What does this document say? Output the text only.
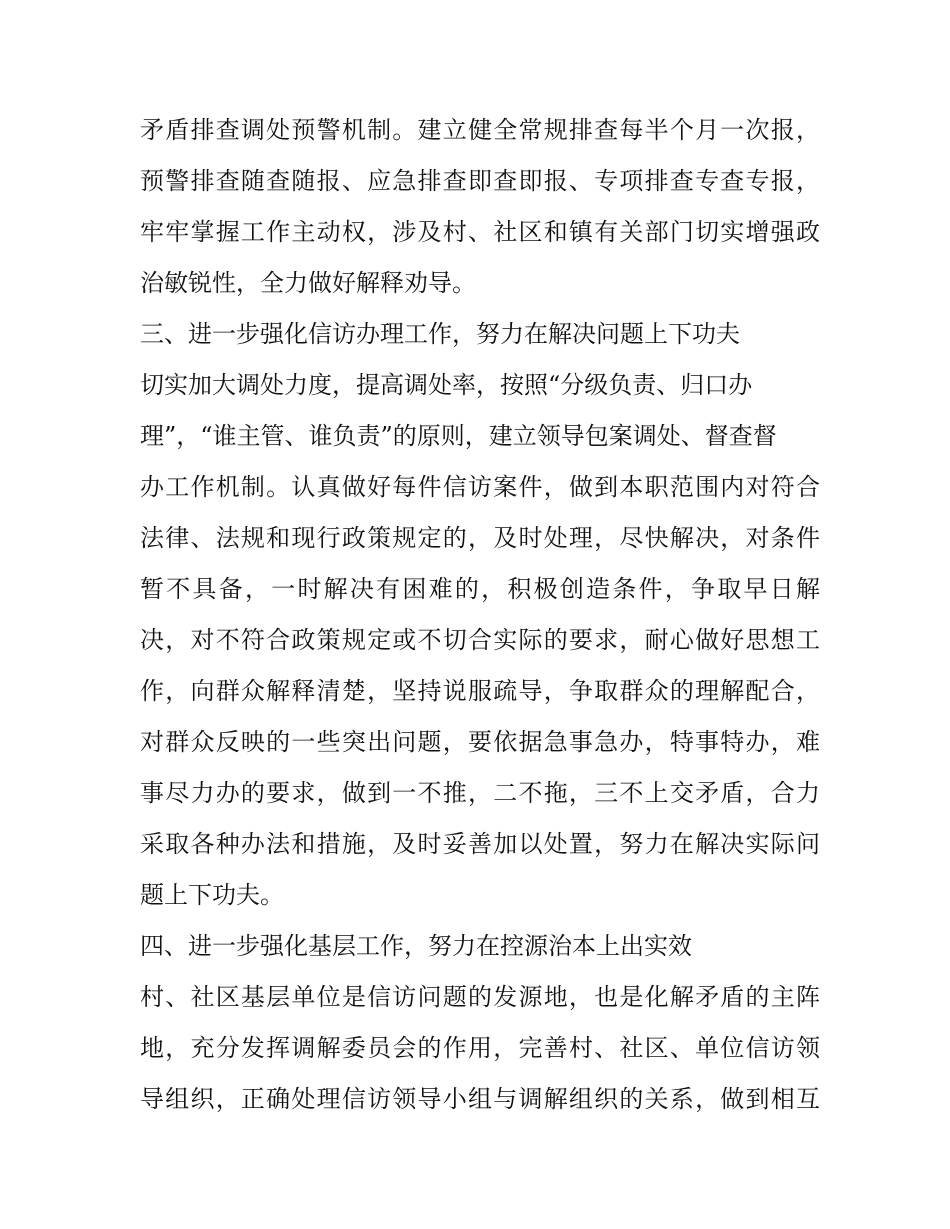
矛盾排查调处预警机制。建立健全常规排查每半个月一次报，
预警排查随查随报、应急排查即查即报、专项排查专查专报，
牢牢掌握工作主动权，涉及村、社区和镇有关部门切实增强政
治敏锐性，全力做好解释劝导。
三、进一步强化信访办理工作，努力在解决问题上下功夫
切实加大调处力度，提高调处率，按照“分级负责、归口办
理”，“谁主管、谁负责”的原则，建立领导包案调处、督查督
办工作机制。认真做好每件信访案件，做到本职范围内对符合
法律、法规和现行政策规定的，及时处理，尽快解决，对条件
暂不具备，一时解决有困难的，积极创造条件，争取早日解
决，对不符合政策规定或不切合实际的要求，耐心做好思想工
作，向群众解释清楚，坚持说服疏导，争取群众的理解配合，
对群众反映的一些突出问题，要依据急事急办，特事特办，难
事尽力办的要求，做到一不推，二不拖，三不上交矛盾，合力
采取各种办法和措施，及时妥善加以处置，努力在解决实际问
题上下功夫。
四、进一步强化基层工作，努力在控源治本上出实效
村、社区基层单位是信访问题的发源地，也是化解矛盾的主阵
地，充分发挥调解委员会的作用，完善村、社区、单位信访领
导组织，正确处理信访领导小组与调解组织的关系，做到相互
